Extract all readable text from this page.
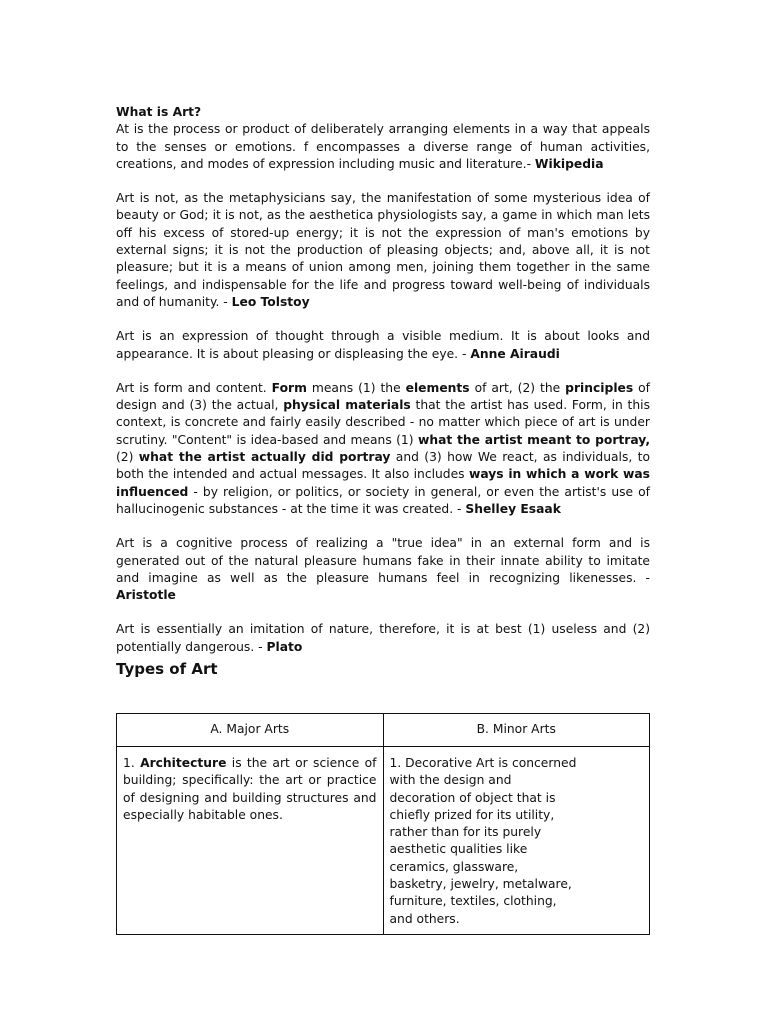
What is Art?

At is the process or product of deliberately arranging elements in a way that appeals to the senses or emotions. f encompasses a diverse range of human activities, creations, and modes of expression including music and literature.- Wikipedia

Art is not, as the metaphysicians say, the manifestation of some mysterious idea of beauty or God; it is not, as the aesthetica physiologists say, a game in which man lets off his excess of stored-up energy; it is not the expression of man's emotions by external signs; it is not the production of pleasing objects; and, above all, it is not pleasure; but it is a means of union among men, joining them together in the same feelings, and indispensable for the life and progress toward well-being of individuals and of humanity. - Leo Tolstoy

Art is an expression of thought through a visible medium. It is about looks and appearance. It is about pleasing or displeasing the eye. - Anne Airaudi

Art is form and content. Form means (1) the elements of art, (2) the principles of design and (3) the actual, physical materials that the artist has used. Form, in this context, is concrete and fairly easily described - no matter which piece of art is under scrutiny. "Content" is idea-based and means (1) what the artist meant to portray, (2) what the artist actually did portray and (3) how We react, as individuals, to both the intended and actual messages. It also includes ways in which a work was influenced - by religion, or politics, or society in general, or even the artist's use of hallucinogenic substances - at the time it was created. - Shelley Esaak

Art is a cognitive process of realizing a "true idea" in an external form and is generated out of the natural pleasure humans fake in their innate ability to imitate and imagine as well as the pleasure humans feel in recognizing likenesses. - Aristotle

Art is essentially an imitation of nature, therefore, it is at best (1) useless and (2) potentially dangerous. - Plato

Types of Art
A. Major Arts	B. Minor Arts
1. Architecture is the art or science of building; specifically: the art or practice of designing and building structures and especially habitable ones.	1. Decorative Art is concerned with the design and decoration of object that is chiefly prized for its utility, rather than for its purely aesthetic qualities like ceramics, glassware, basketry, jewelry, metalware, furniture, textiles, clothing, and others.
